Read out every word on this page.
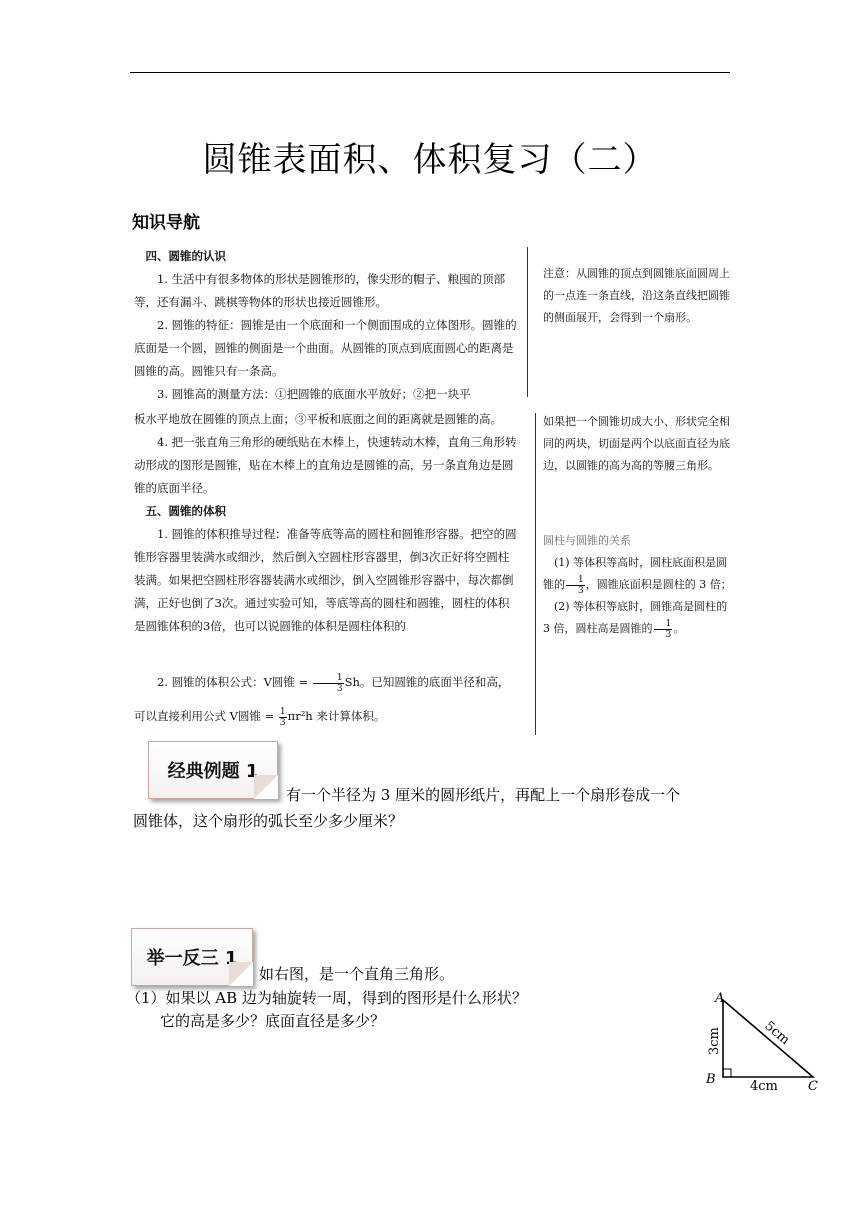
圆锥表面积、体积复习（二）
知识导航

四、圆锥的认识

1. 生活中有很多物体的形状是圆锥形的，像尖形的帽子、粮囤的顶部等，还有漏斗、跳棋等物体的形状也接近圆锥形。

2. 圆锥的特征：圆锥是由一个底面和一个侧面围成的立体图形。圆锥的底面是一个圆，圆锥的侧面是一个曲面。从圆锥的顶点到底面圆心的距离是圆锥的高。圆锥只有一条高。

3. 圆锥高的测量方法：①把圆锥的底面水平放好；②把一块平

板水平地放在圆锥的顶点上面；③平板和底面之间的距离就是圆锥的高。

4. 把一张直角三角形的硬纸贴在木棒上，快速转动木棒，直角三角形转动形成的图形是圆锥，贴在木棒上的直角边是圆锥的高，另一条直角边是圆锥的底面半径。

五、圆锥的体积

1. 圆锥的体积推导过程：准备等底等高的圆柱和圆锥形容器。把空的圆锥形容器里装满水或细沙，然后倒入空圆柱形容器里，倒3次正好将空圆柱装满。如果把空圆柱形容器装满水或细沙，倒入空圆锥形容器中，每次都倒满，正好也倒了3次。通过实验可知，等底等高的圆柱和圆锥，圆柱的体积是圆锥体积的3倍，也可以说圆锥的体积是圆柱体积的

2. 圆锥的体积公式：V圆锥 = $\frac{1}{3}$ Sh。已知圆锥的底面半径和高，

可以直接利用公式 V圆锥 = $\frac{1}{3} \pi r^2h$ 来计算体积。

注意：从圆锥的顶点到圆锥底面圆周上的一点连一条直线，沿这条直线把圆锥的侧面展开，会得到一个扇形。

如果把一个圆锥切成大小、形状完全相同的两块，切面是两个以底面直径为底边，以圆锥的高为高的等腰三角形。

圆柱与圆锥的关系

(1) 等体积等高时，圆柱底面积是圆锥的 $\frac{1}{3}$ ，圆锥底面积是圆柱的 3 倍；

(2) 等体积等底时，圆锥高是圆柱的 3 倍，圆柱高是圆锥的 $\frac{1}{3}$ 。

经典例题 1
有一个半径为 3 厘米的圆形纸片，再配上一个扇形卷成一个
圆锥体，这个扇形的弧长至少多少厘米？
举一反三 1
如右图，是一个直角三角形。
（1）如果以 AB 边为轴旋转一周，得到的图形是什么形状？
它的高是多少？底面直径是多少？
A
B	C
3cm
4cm
5cm
